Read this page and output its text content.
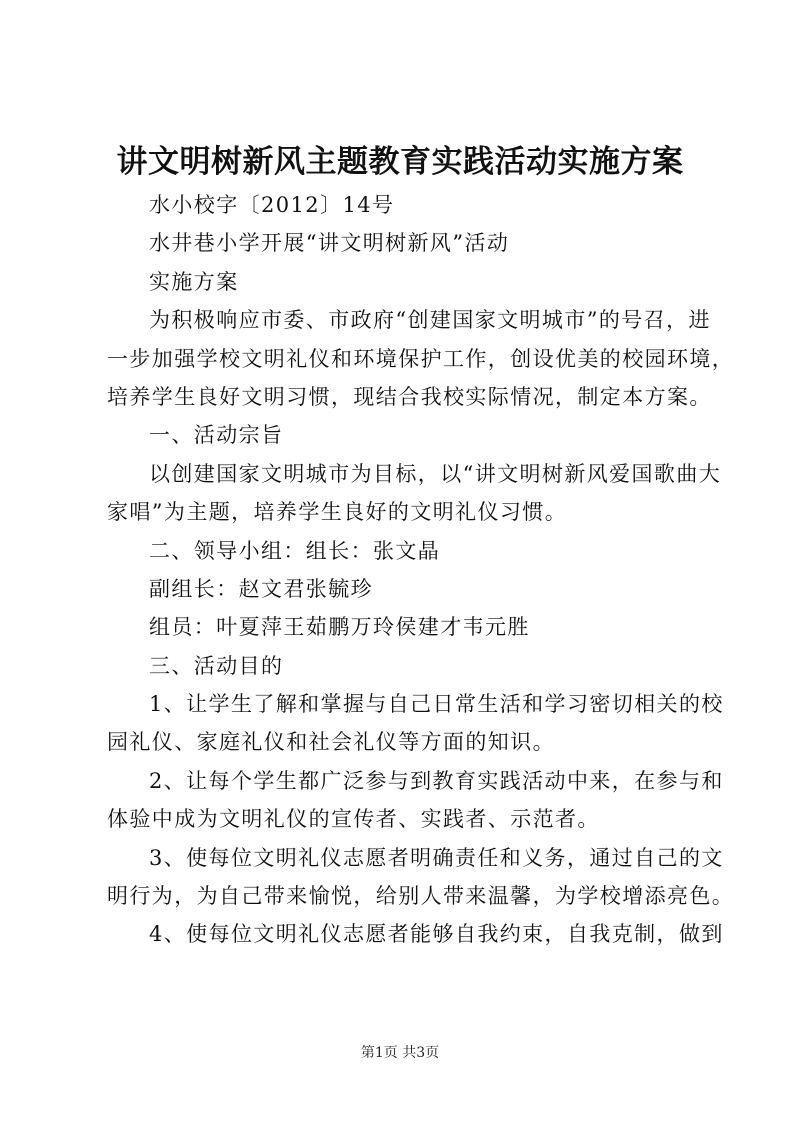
讲文明树新风主题教育实践活动实施方案
水小校字〔2012〕14号
水井巷小学开展“讲文明树新风”活动
实施方案
为积极响应市委、市政府“创建国家文明城市”的号召，进
一步加强学校文明礼仪和环境保护工作，创设优美的校园环境，
培养学生良好文明习惯，现结合我校实际情况，制定本方案。
一、活动宗旨
以创建国家文明城市为目标，以“讲文明树新风爱国歌曲大
家唱”为主题，培养学生良好的文明礼仪习惯。
二、领导小组：组长：张文晶
副组长：赵文君张毓珍
组员：叶夏萍王茹鹏万玲侯建才韦元胜
三、活动目的
1、让学生了解和掌握与自己日常生活和学习密切相关的校
园礼仪、家庭礼仪和社会礼仪等方面的知识。
2、让每个学生都广泛参与到教育实践活动中来，在参与和
体验中成为文明礼仪的宣传者、实践者、示范者。
3、使每位文明礼仪志愿者明确责任和义务，通过自己的文
明行为，为自己带来愉悦，给别人带来温馨，为学校增添亮色。
4、使每位文明礼仪志愿者能够自我约束，自我克制，做到
第1页 共3页
